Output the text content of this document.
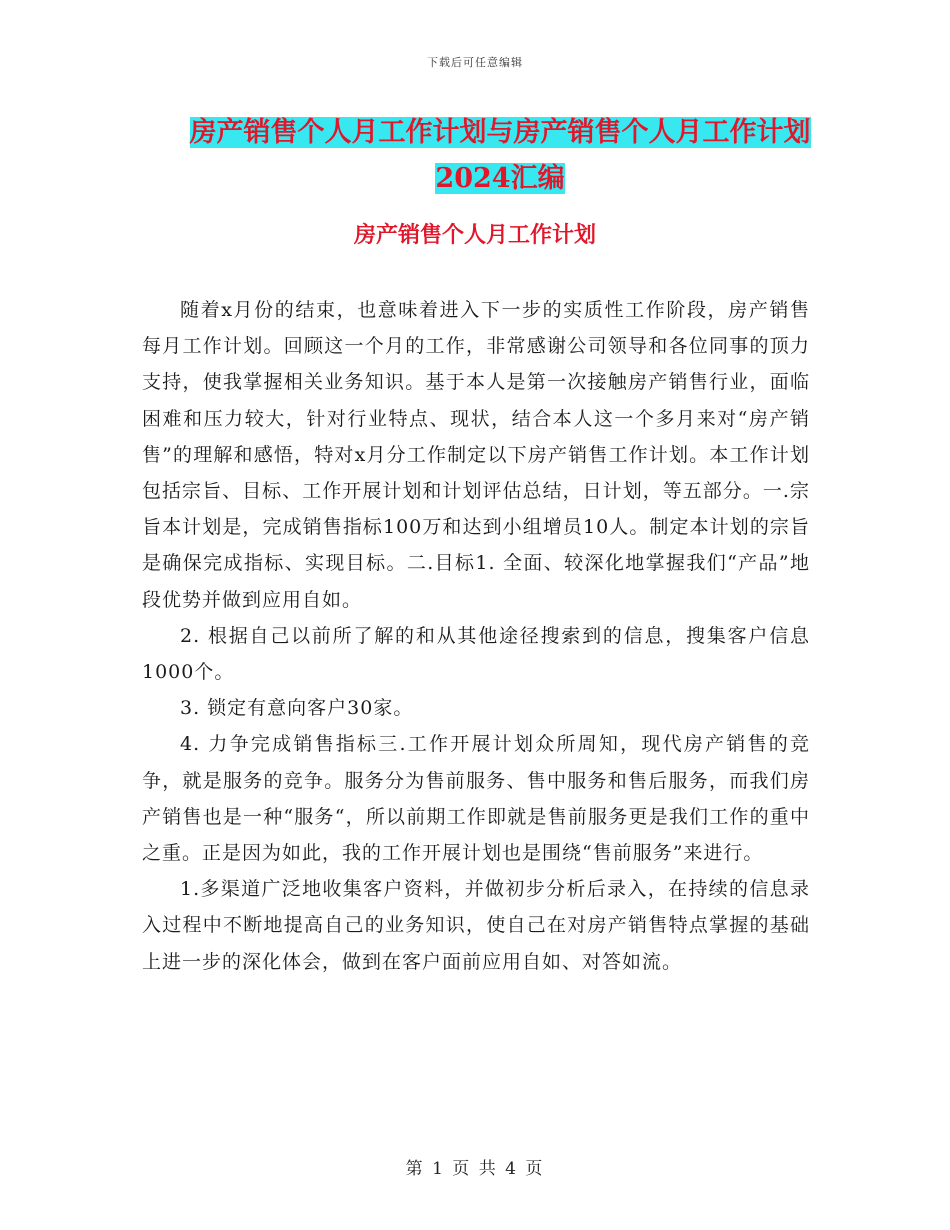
下载后可任意编辑
房产销售个人月工作计划与房产销售个人月工作计划
2024汇编
房产销售个人月工作计划

随着x月份的结束，也意味着进入下一步的实质性工作阶段，房产销售每月工作计划。回顾这一个月的工作，非常感谢公司领导和各位同事的顶力支持，使我掌握相关业务知识。基于本人是第一次接触房产销售行业，面临困难和压力较大，针对行业特点、现状，结合本人这一个多月来对“房产销售”的理解和感悟，特对x月分工作制定以下房产销售工作计划。本工作计划包括宗旨、目标、工作开展计划和计划评估总结，日计划，等五部分。一.宗旨本计划是，完成销售指标100万和达到小组增员10人。制定本计划的宗旨是确保完成指标、实现目标。二.目标1. 全面、较深化地掌握我们“产品”地段优势并做到应用自如。

2. 根据自己以前所了解的和从其他途径搜索到的信息，搜集客户信息1000个。

3. 锁定有意向客户30家。

4. 力争完成销售指标三.工作开展计划众所周知，现代房产销售的竞争，就是服务的竞争。服务分为售前服务、售中服务和售后服务，而我们房产销售也是一种“服务“，所以前期工作即就是售前服务更是我们工作的重中之重。正是因为如此，我的工作开展计划也是围绕“售前服务”来进行。

1.多渠道广泛地收集客户资料，并做初步分析后录入，在持续的信息录入过程中不断地提高自己的业务知识，使自己在对房产销售特点掌握的基础上进一步的深化体会，做到在客户面前应用自如、对答如流。

第 1 页 共 4 页
